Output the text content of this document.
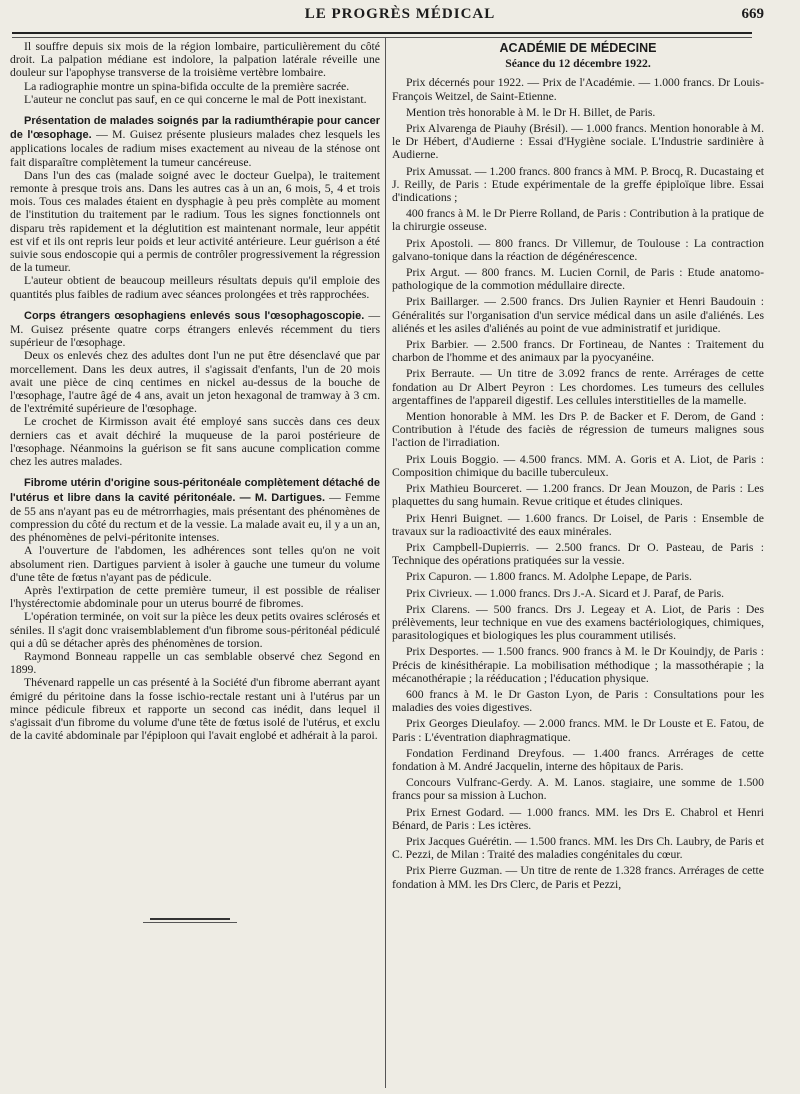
LE PROGRÈS MÉDICAL	669

Il souffre depuis six mois de la région lombaire, particulièrement du côté droit. La palpation médiane est indolore, la palpation latérale réveille une douleur sur l'apophyse transverse de la troisième vertèbre lombaire.

La radiographie montre un spina-bifida occulte de la première sacrée.

L'auteur ne conclut pas sauf, en ce qui concerne le mal de Pott inexistant.

Présentation de malades soignés par la radiumthérapie pour cancer de l'œsophage. — M. Guisez présente plusieurs malades chez lesquels les applications locales de radium mises exactement au niveau de la sténose ont fait disparaître complètement la tumeur cancéreuse.

Dans l'un des cas (malade soigné avec le docteur Guelpa), le traitement remonte à presque trois ans. Dans les autres cas à un an, 6 mois, 5, 4 et trois mois. Tous ces malades étaient en dysphagie à peu près complète au moment de l'institution du traitement par le radium. Tous les signes fonctionnels ont disparu très rapidement et la déglutition est maintenant normale, leur appétit est vif et ils ont repris leur poids et leur activité antérieure. Leur guérison a été suivie sous endoscopie qui a permis de contrôler progressivement la régression de la tumeur.

L'auteur obtient de beaucoup meilleurs résultats depuis qu'il emploie des quantités plus faibles de radium avec séances prolongées et très rapprochées.

Corps étrangers œsophagiens enlevés sous l'œsophagoscopie. — M. Guisez présente quatre corps étrangers enlevés récemment du tiers supérieur de l'œsophage.

Deux os enlevés chez des adultes dont l'un ne put être désenclavé que par morcellement. Dans les deux autres, il s'agissait d'enfants, l'un de 20 mois avait une pièce de cinq centimes en nickel au-dessus de la bouche de l'œsophage, l'autre âgé de 4 ans, avait un jeton hexagonal de tramway à 3 cm. de l'extrémité supérieure de l'œsophage.

Le crochet de Kirmisson avait été employé sans succès dans ces deux derniers cas et avait déchiré la muqueuse de la paroi postérieure de l'œsophage. Néanmoins la guérison se fit sans aucune complication comme chez les autres malades.

Fibrome utérin d'origine sous-péritonéale complètement détaché de l'utérus et libre dans la cavité péritonéale. — M. Dartigues. — Femme de 55 ans n'ayant pas eu de métrorrhagies, mais présentant des phénomènes de compression du côté du rectum et de la vessie. La malade avait eu, il y a un an, des phénomènes de pelvi-péritonite intenses.

A l'ouverture de l'abdomen, les adhérences sont telles qu'on ne voit absolument rien. Dartigues parvient à isoler à gauche une tumeur du volume d'une tête de fœtus n'ayant pas de pédicule.

Après l'extirpation de cette première tumeur, il est possible de réaliser l'hystérectomie abdominale pour un uterus bourré de fibromes.

L'opération terminée, on voit sur la pièce les deux petits ovaires sclérosés et séniles. Il s'agit donc vraisemblablement d'un fibrome sous-péritonéal pédiculé qui a dû se détacher après des phénomènes de torsion.

Raymond Bonneau rappelle un cas semblable observé chez Segond en 1899.

Thévenard rappelle un cas présenté à la Société d'un fibrome aberrant ayant émigré du péritoine dans la fosse ischio-rectale restant uni à l'utérus par un mince pédicule fibreux et rapporte un second cas inédit, dans lequel il s'agissait d'un fibrome du volume d'une tête de fœtus isolé de l'utérus, et exclu de la cavité abdominale par l'épiploon qui l'avait englobé et adhérait à la paroi.

ACADÉMIE DE MÉDECINE
Séance du 12 décembre 1922.

Prix décernés pour 1922. — Prix de l'Académie. — 1.000 francs. Dr Louis-François Weitzel, de Saint-Etienne.

Mention très honorable à M. le Dr H. Billet, de Paris.

Prix Alvarenga de Piauhy (Brésil). — 1.000 francs. Mention honorable à M. le Dr Hébert, d'Audierne : Essai d'Hygiène sociale. L'Industrie sardinière à Audierne.

Prix Amussat. — 1.200 francs. 800 francs à MM. P. Brocq, R. Ducastaing et J. Reilly, de Paris : Etude expérimentale de la greffe épiploïque libre. Essai d'indications ;

400 francs à M. le Dr Pierre Rolland, de Paris : Contribution à la pratique de la chirurgie osseuse.

Prix Apostoli. — 800 francs. Dr Villemur, de Toulouse : La contraction galvano-tonique dans la réaction de dégénérescence.

Prix Argut. — 800 francs. M. Lucien Cornil, de Paris : Etude anatomo-pathologique de la commotion médullaire directe.

Prix Baillarger. — 2.500 francs. Drs Julien Raynier et Henri Baudouin : Généralités sur l'organisation d'un service médical dans un asile d'aliénés. Les aliénés et les asiles d'aliénés au point de vue administratif et juridique.

Prix Barbier. — 2.500 francs. Dr Fortineau, de Nantes : Traitement du charbon de l'homme et des animaux par la pyocyanéine.

Prix Berraute. — Un titre de 3.092 francs de rente. Arrérages de cette fondation au Dr Albert Peyron : Les chordomes. Les tumeurs des cellules argentaffines de l'appareil digestif. Les cellules interstitielles de la mamelle.

Mention honorable à MM. les Drs P. de Backer et F. Derom, de Gand : Contribution à l'étude des faciès de régression de tumeurs malignes sous l'action de l'irradiation.

Prix Louis Boggio. — 4.500 francs. MM. A. Goris et A. Liot, de Paris : Composition chimique du bacille tuberculeux.

Prix Mathieu Bourceret. — 1.200 francs. Dr Jean Mouzon, de Paris : Les plaquettes du sang humain. Revue critique et études cliniques.

Prix Henri Buignet. — 1.600 francs. Dr Loisel, de Paris : Ensemble de travaux sur la radioactivité des eaux minérales.

Prix Campbell-Dupierris. — 2.500 francs. Dr O. Pasteau, de Paris : Technique des opérations pratiquées sur la vessie.

Prix Capuron. — 1.800 francs. M. Adolphe Lepape, de Paris.

Prix Civrieux. — 1.000 francs. Drs J.-A. Sicard et J. Paraf, de Paris.

Prix Clarens. — 500 francs. Drs J. Legeay et A. Liot, de Paris : Des prélèvements, leur technique en vue des examens bactériologiques, chimiques, parasitologiques et biologiques les plus couramment utilisés.

Prix Desportes. — 1.500 francs. 900 francs à M. le Dr Kouindjy, de Paris : Précis de kinésithérapie. La mobilisation méthodique ; la massothérapie ; la mécanothérapie ; la rééducation ; l'éducation physique.

600 francs à M. le Dr Gaston Lyon, de Paris : Consultations pour les maladies des voies digestives.

Prix Georges Dieulafoy. — 2.000 francs. MM. le Dr Louste et E. Fatou, de Paris : L'éventration diaphragmatique.

Fondation Ferdinand Dreyfous. — 1.400 francs. Arrérages de cette fondation à M. André Jacquelin, interne des hôpitaux de Paris.

Concours Vulfranc-Gerdy. A. M. Lanos. stagiaire, une somme de 1.500 francs pour sa mission à Luchon.

Prix Ernest Godard. — 1.000 francs. MM. les Drs E. Chabrol et Henri Bénard, de Paris : Les ictères.

Prix Jacques Guérétin. — 1.500 francs. MM. les Drs Ch. Laubry, de Paris et C. Pezzi, de Milan : Traité des maladies congénitales du cœur.

Prix Pierre Guzman. — Un titre de rente de 1.328 francs. Arrérages de cette fondation à MM. les Drs Clerc, de Paris et Pezzi,
